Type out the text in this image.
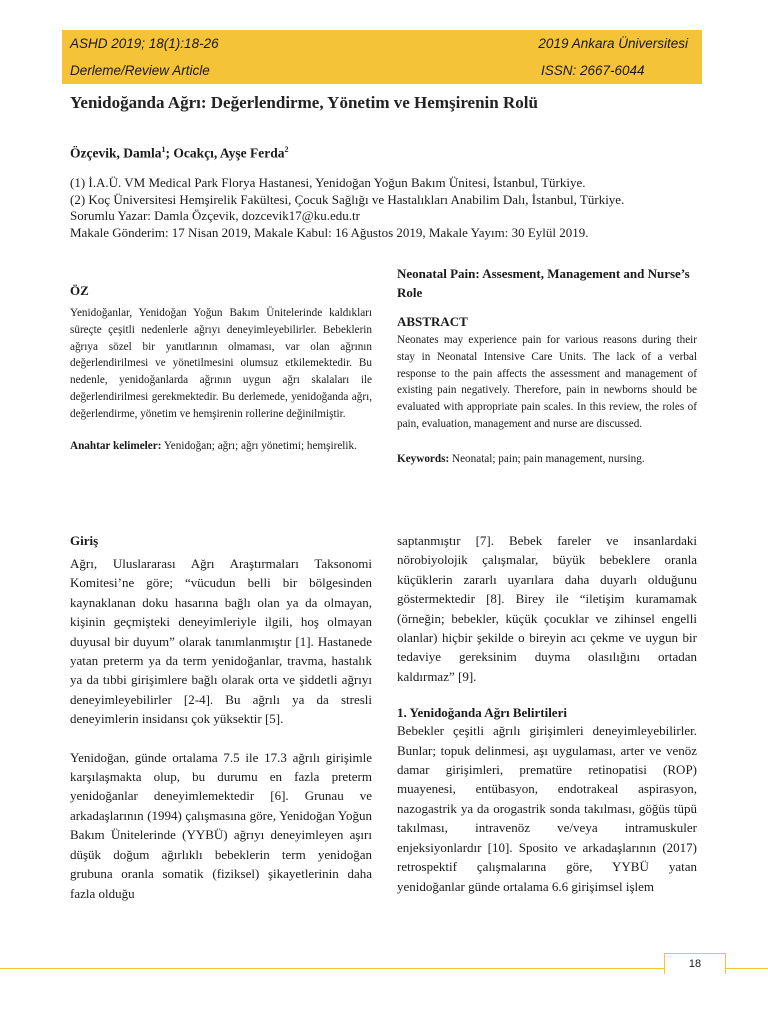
ASHD 2019; 18(1):18-26	2019 Ankara Üniversitesi
Derleme/Review Article	ISSN: 2667-6044
Yenidoğanda Ağrı: Değerlendirme, Yönetim ve Hemşirenin Rolü
Özçevik, Damla$^1$; Ocakçı, Ayşe Ferda$^2$
(1) İ.A.Ü. VM Medical Park Florya Hastanesi, Yenidoğan Yoğun Bakım Ünitesi, İstanbul, Türkiye.
(2) Koç Üniversitesi Hemşirelik Fakültesi, Çocuk Sağlığı ve Hastalıkları Anabilim Dalı, İstanbul, Türkiye.
Sorumlu Yazar: Damla Özçevik, dozcevik17@ku.edu.tr
Makale Gönderim: 17 Nisan 2019, Makale Kabul: 16 Ağustos 2019, Makale Yayım: 30 Eylül 2019.
ÖZ
Yenidoğanlar, Yenidoğan Yoğun Bakım Ünitelerinde kaldıkları süreçte çeşitli nedenlerle ağrıyı deneyimleyebilirler. Bebeklerin ağrıya sözel bir yanıtlarının olmaması, var olan ağrının değerlendirilmesi ve yönetilmesini olumsuz etkilemektedir. Bu nedenle, yenidoğanlarda ağrının uygun ağrı skalaları ile değerlendirilmesi gerekmektedir. Bu derlemede, yenidoğanda ağrı, değerlendirme, yönetim ve hemşirenin rollerine değinilmiştir.
Anahtar kelimeler: Yenidoğan; ağrı; ağrı yönetimi; hemşirelik.
Neonatal Pain: Assesment, Management and Nurse’s Role
ABSTRACT
Neonates may experience pain for various reasons during their stay in Neonatal Intensive Care Units. The lack of a verbal response to the pain affects the assessment and management of existing pain negatively. Therefore, pain in newborns should be evaluated with appropriate pain scales. In this review, the roles of pain, evaluation, management and nurse are discussed.
Keywords: Neonatal; pain; pain management, nursing.
Giriş
Ağrı, Uluslararası Ağrı Araştırmaları Taksonomi Komitesi’ne göre; “vücudun belli bir bölgesinden kaynaklanan doku hasarına bağlı olan ya da olmayan, kişinin geçmişteki deneyimleriyle ilgili, hoş olmayan duyusal bir duyum” olarak tanımlanmıştır [1]. Hastanede yatan preterm ya da term yenidoğanlar, travma, hastalık ya da tıbbi girişimlere bağlı olarak orta ve şiddetli ağrıyı deneyimleyebilirler [2-4]. Bu ağrılı ya da stresli deneyimlerin insidansı çok yüksektir [5].
Yenidoğan, günde ortalama 7.5 ile 17.3 ağrılı girişimle karşılaşmakta olup, bu durumu en fazla preterm yenidoğanlar deneyimlemektedir [6]. Grunau ve arkadaşlarının (1994) çalışmasına göre, Yenidoğan Yoğun Bakım Ünitelerinde (YYBÜ) ağrıyı deneyimleyen aşırı düşük doğum ağırlıklı bebeklerin term yenidoğan grubuna oranla somatik (fiziksel) şikayetlerinin daha fazla olduğu
saptanmıştır [7]. Bebek fareler ve insanlardaki nörobiyolojik çalışmalar, büyük bebeklere oranla küçüklerin zararlı uyarılara daha duyarlı olduğunu göstermektedir [8]. Birey ile “iletişim kuramamak (örneğin; bebekler, küçük çocuklar ve zihinsel engelli olanlar) hiçbir şekilde o bireyin acı çekme ve uygun bir tedaviye gereksinim duyma olasılığını ortadan kaldırmaz” [9].
1. Yenidoğanda Ağrı Belirtileri
Bebekler çeşitli ağrılı girişimleri deneyimleyebilirler. Bunlar; topuk delinmesi, aşı uygulaması, arter ve venöz damar girişimleri, prematüre retinopatisi (ROP) muayenesi, entübasyon, endotrakeal aspirasyon, nazogastrik ya da orogastrik sonda takılması, göğüs tüpü takılması, intravenöz ve/veya intramuskuler enjeksiyonlardır [10]. Sposito ve arkadaşlarının (2017) retrospektif çalışmalarına göre, YYBÜ yatan yenidoğanlar günde ortalama 6.6 girişimsel işlem
18
